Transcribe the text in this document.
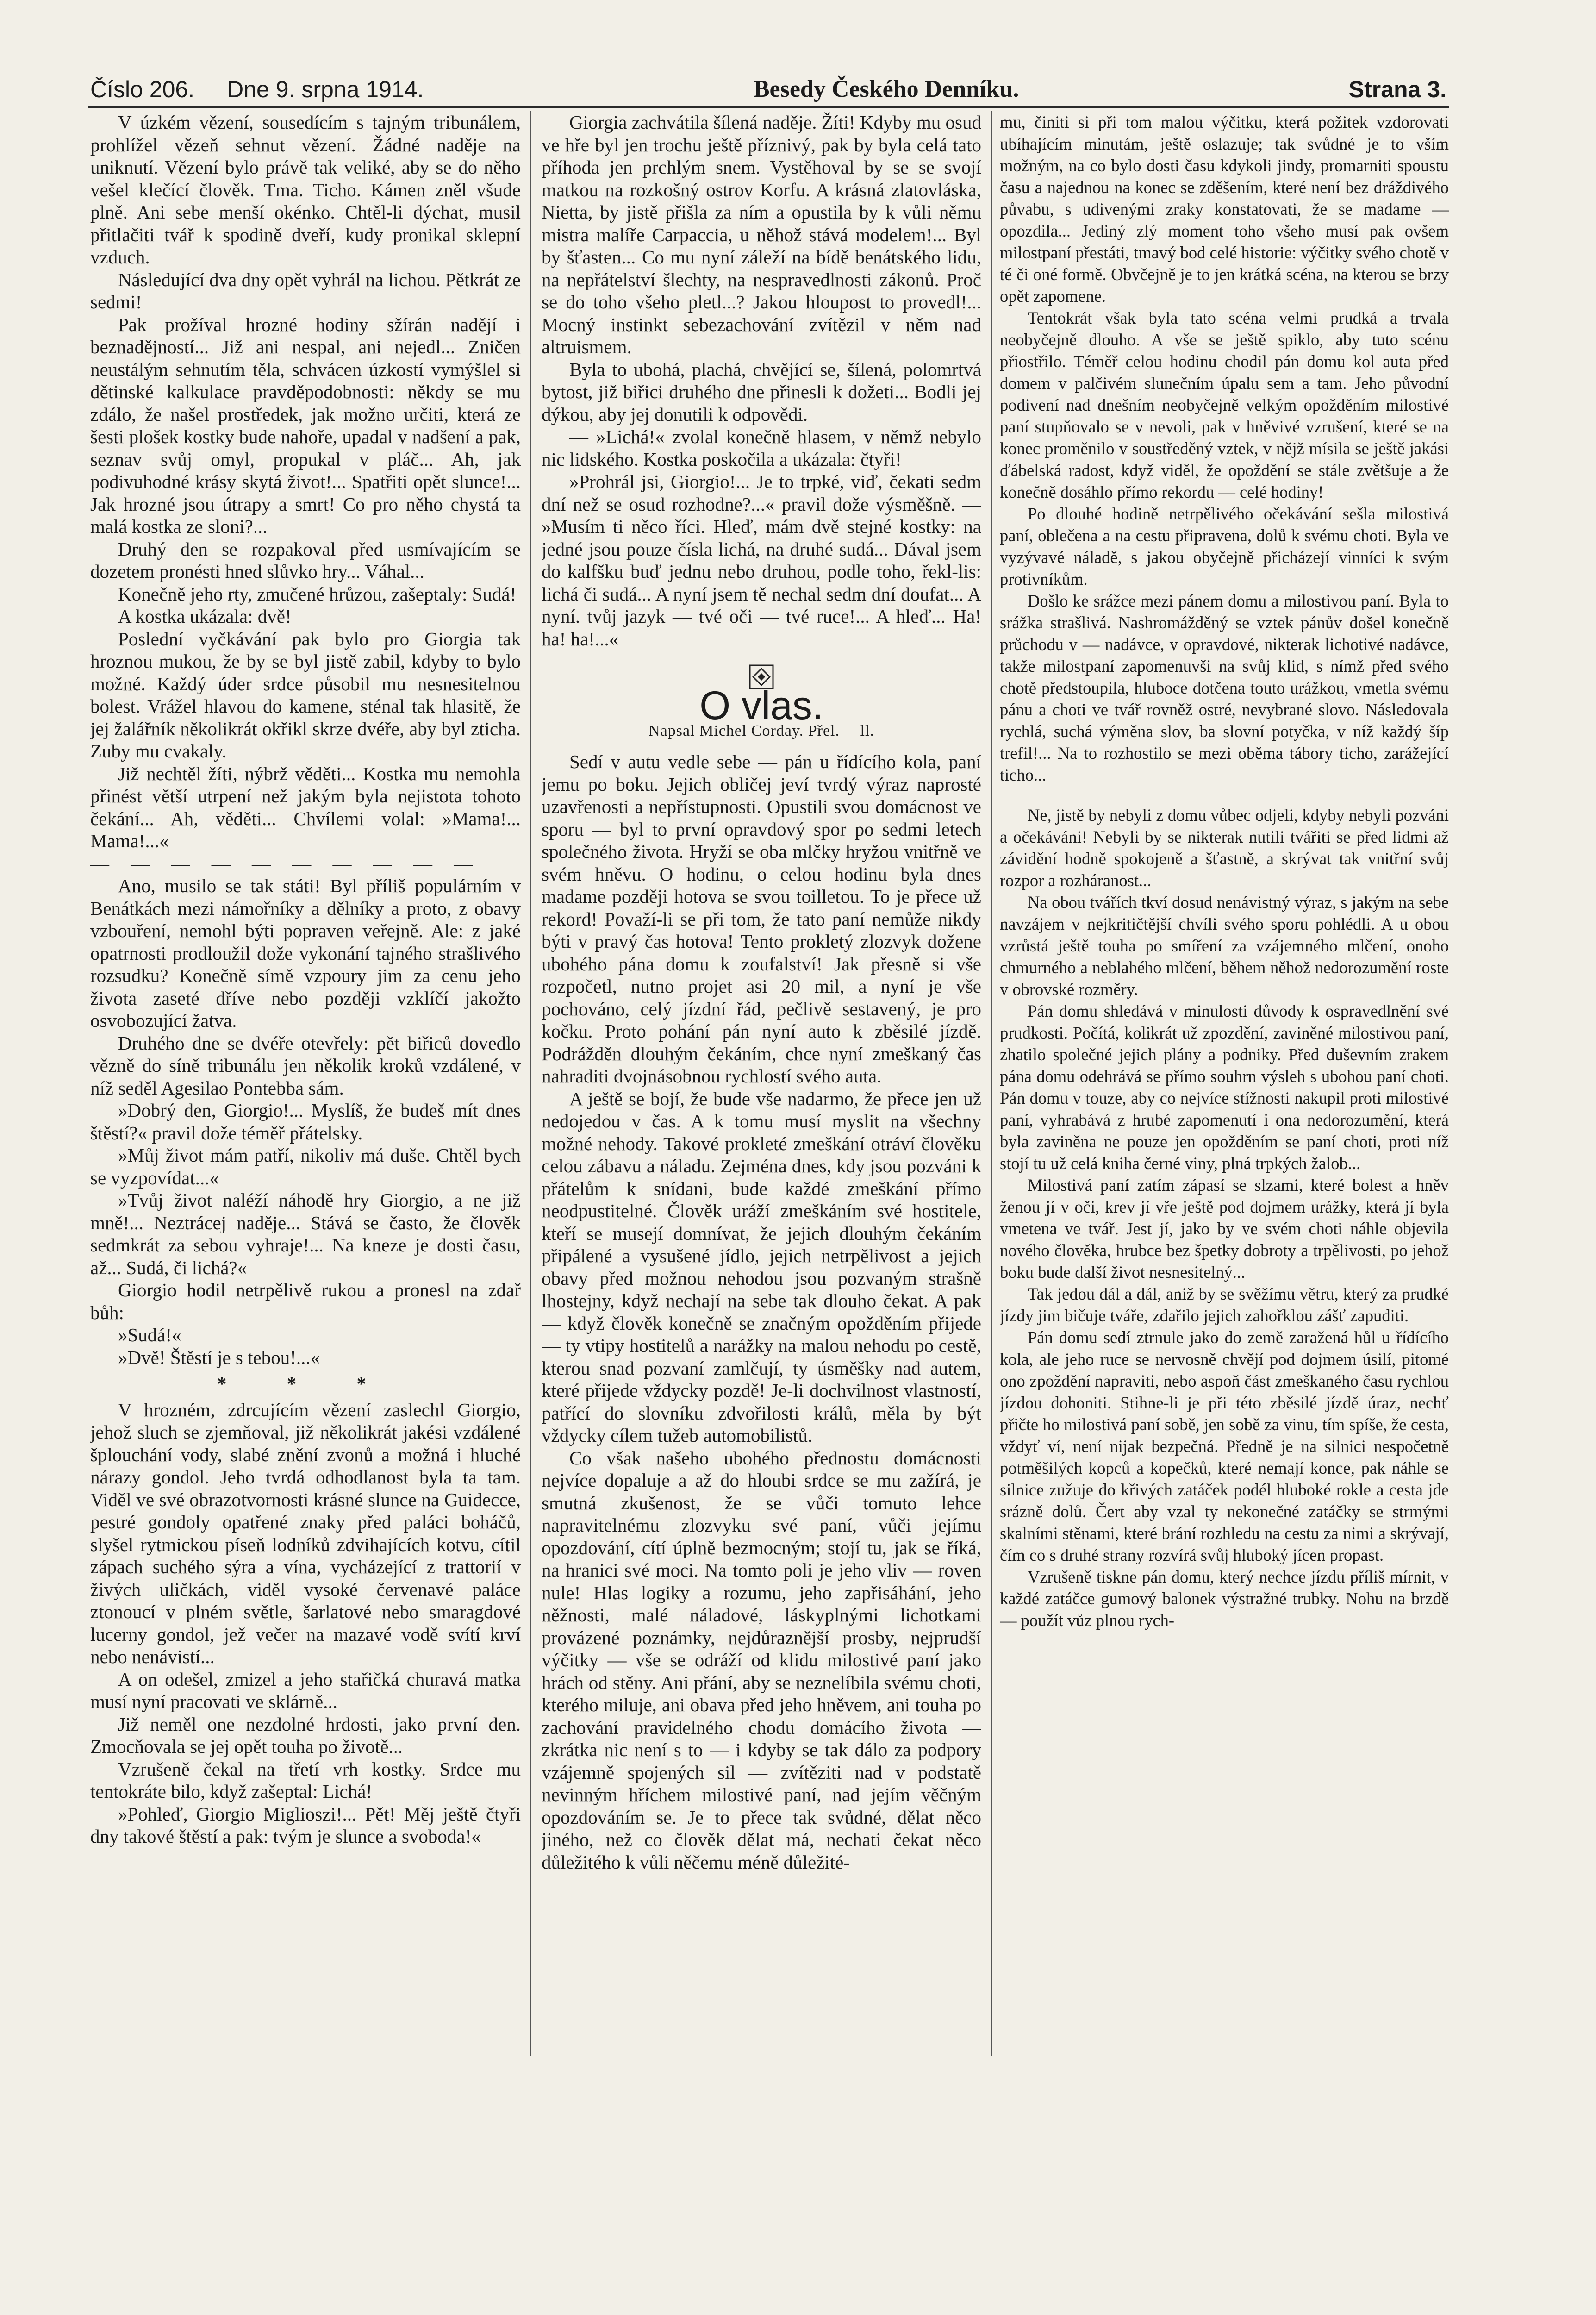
Číslo 206. Dne 9. srpna 1914.	Besedy Českého Denníku.	Strana 3.

V úzkém vězení, sousedícím s tajným tribunálem, prohlížel vězeň sehnut vězení. Žádné naděje na uniknutí. Vězení bylo právě tak veliké, aby se do něho vešel klečící člověk. Tma. Ticho. Kámen zněl všude plně. Ani sebe menší okénko. Chtěl-li dýchat, musil přitlačiti tvář k spodině dveří, kudy pronikal sklepní vzduch.

Následující dva dny opět vyhrál na lichou. Pětkrát ze sedmi!

Pak prožíval hrozné hodiny sžírán nadějí i beznadějností... Již ani nespal, ani nejedl... Zničen neustálým sehnutím těla, schvácen úzkostí vymýšlel si dětinské kalkulace pravděpodobnosti: někdy se mu zdálo, že našel prostředek, jak možno určiti, která ze šesti plošek kostky bude nahoře, upadal v nadšení a pak, seznav svůj omyl, propukal v pláč... Ah, jak podivuhodné krásy skytá život!... Spatřiti opět slunce!... Jak hrozné jsou útrapy a smrt! Co pro něho chystá ta malá kostka ze sloni?...

Druhý den se rozpakoval před usmívajícím se dozetem pronésti hned slůvko hry... Váhal...

Konečně jeho rty, zmučené hrůzou, zašeptaly: Sudá!

A kostka ukázala: dvě!

Poslední vyčkávání pak bylo pro Giorgia tak hroznou mukou, že by se byl jistě zabil, kdyby to bylo možné. Každý úder srdce působil mu nesnesitelnou bolest. Vrážel hlavou do kamene, sténal tak hlasitě, že jej žalářník několikrát okřikl skrze dvéře, aby byl zticha. Zuby mu cvakaly.

Již nechtěl žíti, nýbrž věděti... Kostka mu nemohla přinést větší utrpení než jakým byla nejistota tohoto čekání... Ah, věděti... Chvílemi volal: »Mama!... Mama!...«

— — — — — — — — — —

Ano, musilo se tak státi! Byl příliš populárním v Benátkách mezi námořníky a dělníky a proto, z obavy vzbouření, nemohl býti popraven veřejně. Ale: z jaké opatrnosti prodloužil dože vykonání tajného strašlivého rozsudku? Konečně símě vzpoury jim za cenu jeho života zaseté dříve nebo později vzklíčí jakožto osvobozující žatva.

Druhého dne se dvéře otevřely: pět biřiců dovedlo vězně do síně tribunálu jen několik kroků vzdálené, v níž seděl Agesilao Pontebba sám.

»Dobrý den, Giorgio!... Myslíš, že budeš mít dnes štěstí?« pravil dože téměř přátelsky.

»Můj život mám patří, nikoliv má duše. Chtěl bych se vyzpovídat...«

»Tvůj život naléží náhodě hry Giorgio, a ne již mně!... Neztrácej naděje... Stává se často, že člověk sedmkrát za sebou vyhraje!... Na kneze je dosti času, až... Sudá, či lichá?«

Giorgio hodil netrpělivě rukou a pronesl na zdař bůh:

»Sudá!«

»Dvě! Štěstí je s tebou!...«

* * *

V hrozném, zdrcujícím vězení zaslechl Giorgio, jehož sluch se zjemňoval, již několikrát jakési vzdálené šplouchání vody, slabé znění zvonů a možná i hluché nárazy gondol. Jeho tvrdá odhodlanost byla ta tam. Viděl ve své obrazotvornosti krásné slunce na Guidecce, pestré gondoly opatřené znaky před paláci boháčů, slyšel rytmickou píseň lodníků zdvihajících kotvu, cítil zápach suchého sýra a vína, vycházející z trattorií v živých uličkách, viděl vysoké červenavé paláce ztonoucí v plném světle, šarlatové nebo smaragdové lucerny gondol, jež večer na mazavé vodě svítí krví nebo nenávistí...

A on odešel, zmizel a jeho stařičká churavá matka musí nyní pracovati ve sklárně...

Již neměl one nezdolné hrdosti, jako první den. Zmocňovala se jej opět touha po životě...

Vzrušeně čekal na třetí vrh kostky. Srdce mu tentokráte bilo, když zašeptal: Lichá!

»Pohleď, Giorgio Miglioszi!... Pět! Měj ještě čtyři dny takové štěstí a pak: tvým je slunce a svoboda!«

Giorgia zachvátila šílená naděje. Žíti! Kdyby mu osud ve hře byl jen trochu ještě příznivý, pak by byla celá tato příhoda jen prchlým snem. Vystěhoval by se se svojí matkou na rozkošný ostrov Korfu. A krásná zlatovláska, Nietta, by jistě přišla za ním a opustila by k vůli němu mistra malíře Carpaccia, u něhož stává modelem!... Byl by šťasten... Co mu nyní záleží na bídě benátského lidu, na nepřátelství šlechty, na nespravedlnosti zákonů. Proč se do toho všeho pletl...? Jakou hloupost to provedl!... Mocný instinkt sebezachování zvítězil v něm nad altruismem.

Byla to ubohá, plachá, chvějící se, šílená, polomrtvá bytost, již biřici druhého dne přinesli k dožeti... Bodli jej dýkou, aby jej donutili k odpovědi.

— »Lichá!« zvolal konečně hlasem, v němž nebylo nic lidského. Kostka poskočila a ukázala: čtyři!

»Prohrál jsi, Giorgio!... Je to trpké, viď, čekati sedm dní než se osud rozhodne?...« pravil dože výsměšně. — »Musím ti něco říci. Hleď, mám dvě stejné kostky: na jedné jsou pouze čísla lichá, na druhé sudá... Dával jsem do kalfšku buď jednu nebo druhou, podle toho, řekl-lis: lichá či sudá... A nyní jsem tě nechal sedm dní doufat... A nyní. tvůj jazyk — tvé oči — tvé ruce!... A hleď... Ha! ha! ha!...«

O vlas.

Napsal Michel Corday. Přel. —ll.

Sedí v autu vedle sebe — pán u řídícího kola, paní jemu po boku. Jejich obličej jeví tvrdý výraz naprosté uzavřenosti a nepřístupnosti. Opustili svou domácnost ve sporu — byl to první opravdový spor po sedmi letech společného života. Hryží se oba mlčky hryžou vnitřně ve svém hněvu. O hodinu, o celou hodinu byla dnes madame později hotova se svou toilletou. To je přece už rekord! Považí-li se při tom, že tato paní nemůže nikdy býti v pravý čas hotova! Tento prokletý zlozvyk dožene ubohého pána domu k zoufalství! Jak přesně si vše rozpočetl, nutno projet asi 20 mil, a nyní je vše pochováno, celý jízdní řád, pečlivě sestavený, je pro kočku. Proto pohání pán nyní auto k zběsilé jízdě. Podrážděn dlouhým čekáním, chce nyní zmeškaný čas nahraditi dvojnásobnou rychlostí svého auta.

A ještě se bojí, že bude vše nadarmo, že přece jen už nedojedou v čas. A k tomu musí myslit na všechny možné nehody. Takové prokleté zmeškání otráví člověku celou zábavu a náladu. Zejména dnes, kdy jsou pozváni k přátelům k snídani, bude každé zmeškání přímo neodpustitelné. Člověk uráží zmeškáním své hostitele, kteří se musejí domnívat, že jejich dlouhým čekáním připálené a vysušené jídlo, jejich netrpělivost a jejich obavy před možnou nehodou jsou pozvaným strašně lhostejny, když nechají na sebe tak dlouho čekat. A pak — když člověk konečně se značným opožděním přijede — ty vtipy hostitelů a narážky na malou nehodu po cestě, kterou snad pozvaní zamlčují, ty úsměšky nad autem, které přijede vždycky pozdě! Je-li dochvilnost vlastností, patřící do slovníku zdvořilosti králů, měla by být vždycky cílem tužeb automobilistů.

Co však našeho ubohého přednostu domácnosti nejvíce dopaluje a až do hloubi srdce se mu zažírá, je smutná zkušenost, že se vůči tomuto lehce napravitelnému zlozvyku své paní, vůči jejímu opozdování, cítí úplně bezmocným; stojí tu, jak se říká, na hranici své moci. Na tomto poli je jeho vliv — roven nule! Hlas logiky a rozumu, jeho zapřisáhání, jeho něžnosti, malé náladové, láskyplnými lichotkami provázené poznámky, nejdůraznější prosby, nejprudší výčitky — vše se odráží od klidu milostivé paní jako hrách od stěny. Ani přání, aby se neznelíbila svému choti, kterého miluje, ani obava před jeho hněvem, ani touha po zachování pravidelného chodu domácího života — zkrátka nic není s to — i kdyby se tak dálo za podpory vzájemně spojených sil — zvítěziti nad v podstatě nevinným hříchem milostivé paní, nad jejím věčným opozdováním se. Je to přece tak svůdné, dělat něco jiného, než co člověk dělat má, nechati čekat něco důležitého k vůli něčemu méně důležité-

mu, činiti si při tom malou výčitku, která požitek vzdorovati ubíhajícím minutám, ještě oslazuje; tak svůdné je to vším možným, na co bylo dosti času kdykoli jindy, promarniti spoustu času a najednou na konec se zděšením, které není bez dráždivého půvabu, s udivenými zraky konstatovati, že se madame — opozdila... Jediný zlý moment toho všeho musí pak ovšem milostpaní přestáti, tmavý bod celé historie: výčitky svého chotě v té či oné formě. Obvčejně je to jen krátká scéna, na kterou se brzy opět zapomene.

Tentokrát však byla tato scéna velmi prudká a trvala neobyčejně dlouho. A vše se ještě spiklo, aby tuto scénu přiostřilo. Téměř celou hodinu chodil pán domu kol auta před domem v palčivém slunečním úpalu sem a tam. Jeho původní podivení nad dnešním neobyčejně velkým opožděním milostivé paní stupňovalo se v nevoli, pak v hněvivé vzrušení, které se na konec proměnilo v soustředěný vztek, v nějž mísila se ještě jakási ďábelská radost, když viděl, že opoždění se stále zvětšuje a že konečně dosáhlo přímo rekordu — celé hodiny!

Po dlouhé hodině netrpělivého očekávání sešla milostivá paní, oblečena a na cestu připravena, dolů k svému choti. Byla ve vyzývavé náladě, s jakou obyčejně přicházejí vinníci k svým protivníkům.

Došlo ke srážce mezi pánem domu a milostivou paní. Byla to srážka strašlivá. Nashromážděný se vztek pánův došel konečně průchodu v — nadávce, v opravdové, nikterak lichotivé nadávce, takže milostpaní zapomenuvši na svůj klid, s nímž před svého chotě předstoupila, hluboce dotčena touto urážkou, vmetla svému pánu a choti ve tvář rovněž ostré, nevybrané slovo. Následovala rychlá, suchá výměna slov, ba slovní potyčka, v níž každý šíp trefil!... Na to rozhostilo se mezi oběma tábory ticho, zarážející ticho...

Ne, jistě by nebyli z domu vůbec odjeli, kdyby nebyli pozváni a očekáváni! Nebyli by se nikterak nutili tvářiti se před lidmi až závidění hodně spokojeně a šťastně, a skrývat tak vnitřní svůj rozpor a rozháranost...

Na obou tvářích tkví dosud nenávistný výraz, s jakým na sebe navzájem v nejkritičtější chvíli svého sporu pohlédli. A u obou vzrůstá ještě touha po smíření za vzájemného mlčení, onoho chmurného a neblahého mlčení, během něhož nedorozumění roste v obrovské rozměry.

Pán domu shledává v minulosti důvody k ospravedlnění své prudkosti. Počítá, kolikrát už zpozdění, zaviněné milostivou paní, zhatilo společné jejich plány a podniky. Před duševním zrakem pána domu odehrává se přímo souhrn výsleh s ubohou paní choti. Pán domu v touze, aby co nejvíce stížnosti nakupil proti milostivé paní, vyhrabává z hrubé zapomenutí i ona nedorozumění, která byla zaviněna ne pouze jen opožděním se paní choti, proti níž stojí tu už celá kniha černé viny, plná trpkých žalob...

Milostivá paní zatím zápasí se slzami, které bolest a hněv ženou jí v oči, krev jí vře ještě pod dojmem urážky, která jí byla vmetena ve tvář. Jest jí, jako by ve svém choti náhle objevila nového člověka, hrubce bez špetky dobroty a trpělivosti, po jehož boku bude další život nesnesitelný...

Tak jedou dál a dál, aniž by se svěžímu větru, který za prudké jízdy jim bičuje tváře, zdařilo jejich zahořklou zášť zapuditi.

Pán domu sedí ztrnule jako do země zaražená hůl u řídícího kola, ale jeho ruce se nervosně chvějí pod dojmem úsilí, pitomé ono zpoždění napraviti, nebo aspoň část zmeškaného času rychlou jízdou dohoniti. Stihne-li je při této zběsilé jízdě úraz, nechť přičte ho milostivá paní sobě, jen sobě za vinu, tím spíše, že cesta, vždyť ví, není nijak bezpečná. Předně je na silnici nespočetně potměšilých kopců a kopečků, které nemají konce, pak náhle se silnice zužuje do křivých zatáček podél hluboké rokle a cesta jde srázně dolů. Čert aby vzal ty nekonečné zatáčky se strmými skalními stěnami, které brání rozhledu na cestu za nimi a skrývají, čím co s druhé strany rozvírá svůj hluboký jícen propast.

Vzrušeně tiskne pán domu, který nechce jízdu příliš mírnit, v každé zatáčce gumový balonek výstražné trubky. Nohu na brzdě — použít vůz plnou rych-
